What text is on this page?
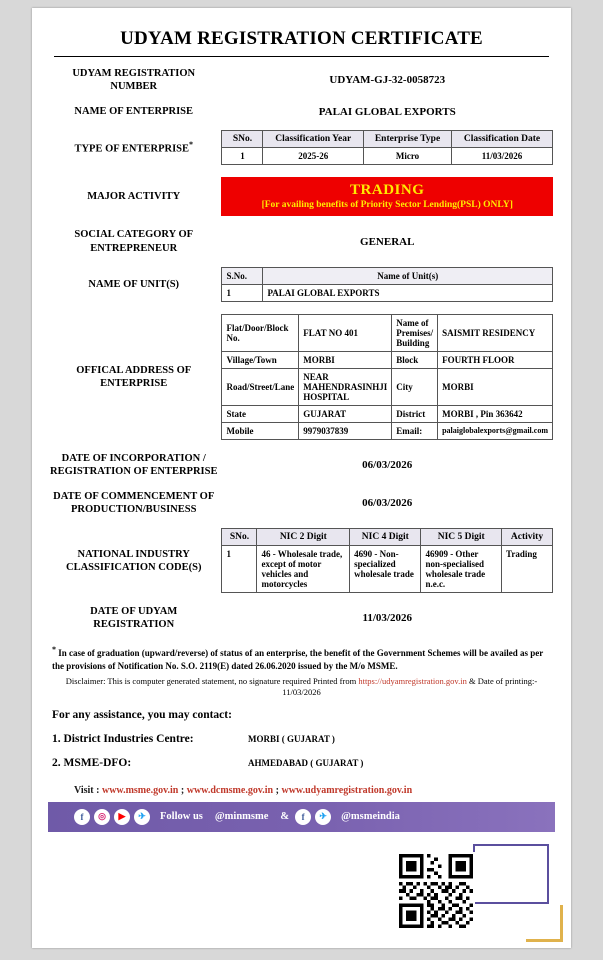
UDYAM REGISTRATION CERTIFICATE
UDYAM REGISTRATION NUMBER	UDYAM-GJ-32-0058723
NAME OF ENTERPRISE	PALAI GLOBAL EXPORTS
TYPE OF ENTERPRISE*	
SNo.	Classification Year	Enterprise Type	Classification Date
1	2025-26	Micro	11/03/2026

MAJOR ACTIVITY	TRADING
[For availing benefits of Priority Sector Lending(PSL) ONLY]

SOCIAL CATEGORY OF ENTREPRENEUR	GENERAL
NAME OF UNIT(S)	
S.No.	Name of Unit(s)
1	PALAI GLOBAL EXPORTS

OFFICAL ADDRESS OF ENTERPRISE	
Flat/Door/Block No.	FLAT NO 401	Name of Premises/ Building	SAISMIT RESIDENCY
Village/Town	MORBI	Block	FOURTH FLOOR
Road/Street/Lane	NEAR MAHENDRASINHJI HOSPITAL	City	MORBI
State	GUJARAT	District	MORBI , Pin 363642
Mobile	9979037839	Email:	palaiglobalexports@gmail.com

DATE OF INCORPORATION / REGISTRATION OF ENTERPRISE	06/03/2026
DATE OF COMMENCEMENT OF PRODUCTION/BUSINESS	06/03/2026
NATIONAL INDUSTRY CLASSIFICATION CODE(S)	
SNo.	NIC 2 Digit	NIC 4 Digit	NIC 5 Digit	Activity
1	46 - Wholesale trade, except of motor vehicles and motorcycles	4690 - Non-specialized wholesale trade	46909 - Other non-specialised wholesale trade n.e.c.	Trading

DATE OF UDYAM REGISTRATION	11/03/2026
* In case of graduation (upward/reverse) of status of an enterprise, the benefit of the Government Schemes will be availed as per the provisions of Notification No. S.O. 2119(E) dated 26.06.2020 issued by the M/o MSME.
Disclaimer: This is computer generated statement, no signature required Printed from https://udyamregistration.gov.in & Date of printing:- 11/03/2026
For any assistance, you may contact:
1. District Industries Centre:	MORBI ( GUJARAT )
2. MSME-DFO:	AHMEDABAD ( GUJARAT )
Visit : www.msme.gov.in ; www.dcmsme.gov.in ; www.udyamregistration.gov.in
f	◎	▶	✈	Follow us @minmsme &	f	✈	@msmeindia
